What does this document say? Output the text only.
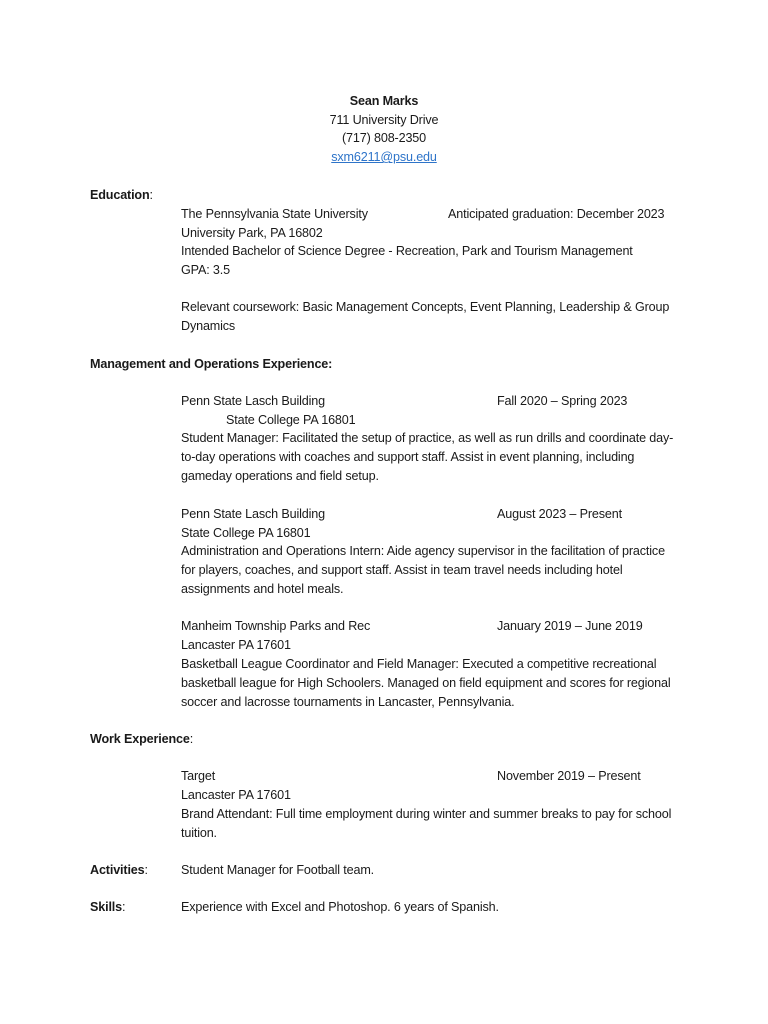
Sean Marks
711 University Drive
(717) 808-2350
sxm6211@psu.edu
Education:
The Pennsylvania State University	Anticipated graduation: December 2023
University Park, PA 16802
Intended Bachelor of Science Degree - Recreation, Park and Tourism Management
GPA: 3.5
Relevant coursework: Basic Management Concepts, Event Planning, Leadership & Group Dynamics
Management and Operations Experience:
Penn State Lasch Building	Fall 2020 – Spring 2023
State College PA 16801
Student Manager: Facilitated the setup of practice, as well as run drills and coordinate day-to-day operations with coaches and support staff. Assist in event planning, including gameday operations and field setup.
Penn State Lasch Building	August 2023 – Present
State College PA 16801
Administration and Operations Intern: Aide agency supervisor in the facilitation of practice for players, coaches, and support staff. Assist in team travel needs including hotel assignments and hotel meals.
Manheim Township Parks and Rec	January 2019 – June 2019
Lancaster PA 17601
Basketball League Coordinator and Field Manager: Executed a competitive recreational basketball league for High Schoolers. Managed on field equipment and scores for regional soccer and lacrosse tournaments in Lancaster, Pennsylvania.
Work Experience:
Target	November 2019 – Present
Lancaster PA 17601
Brand Attendant: Full time employment during winter and summer breaks to pay for school tuition.
Activities:	Student Manager for Football team.
Skills:	Experience with Excel and Photoshop. 6 years of Spanish.
